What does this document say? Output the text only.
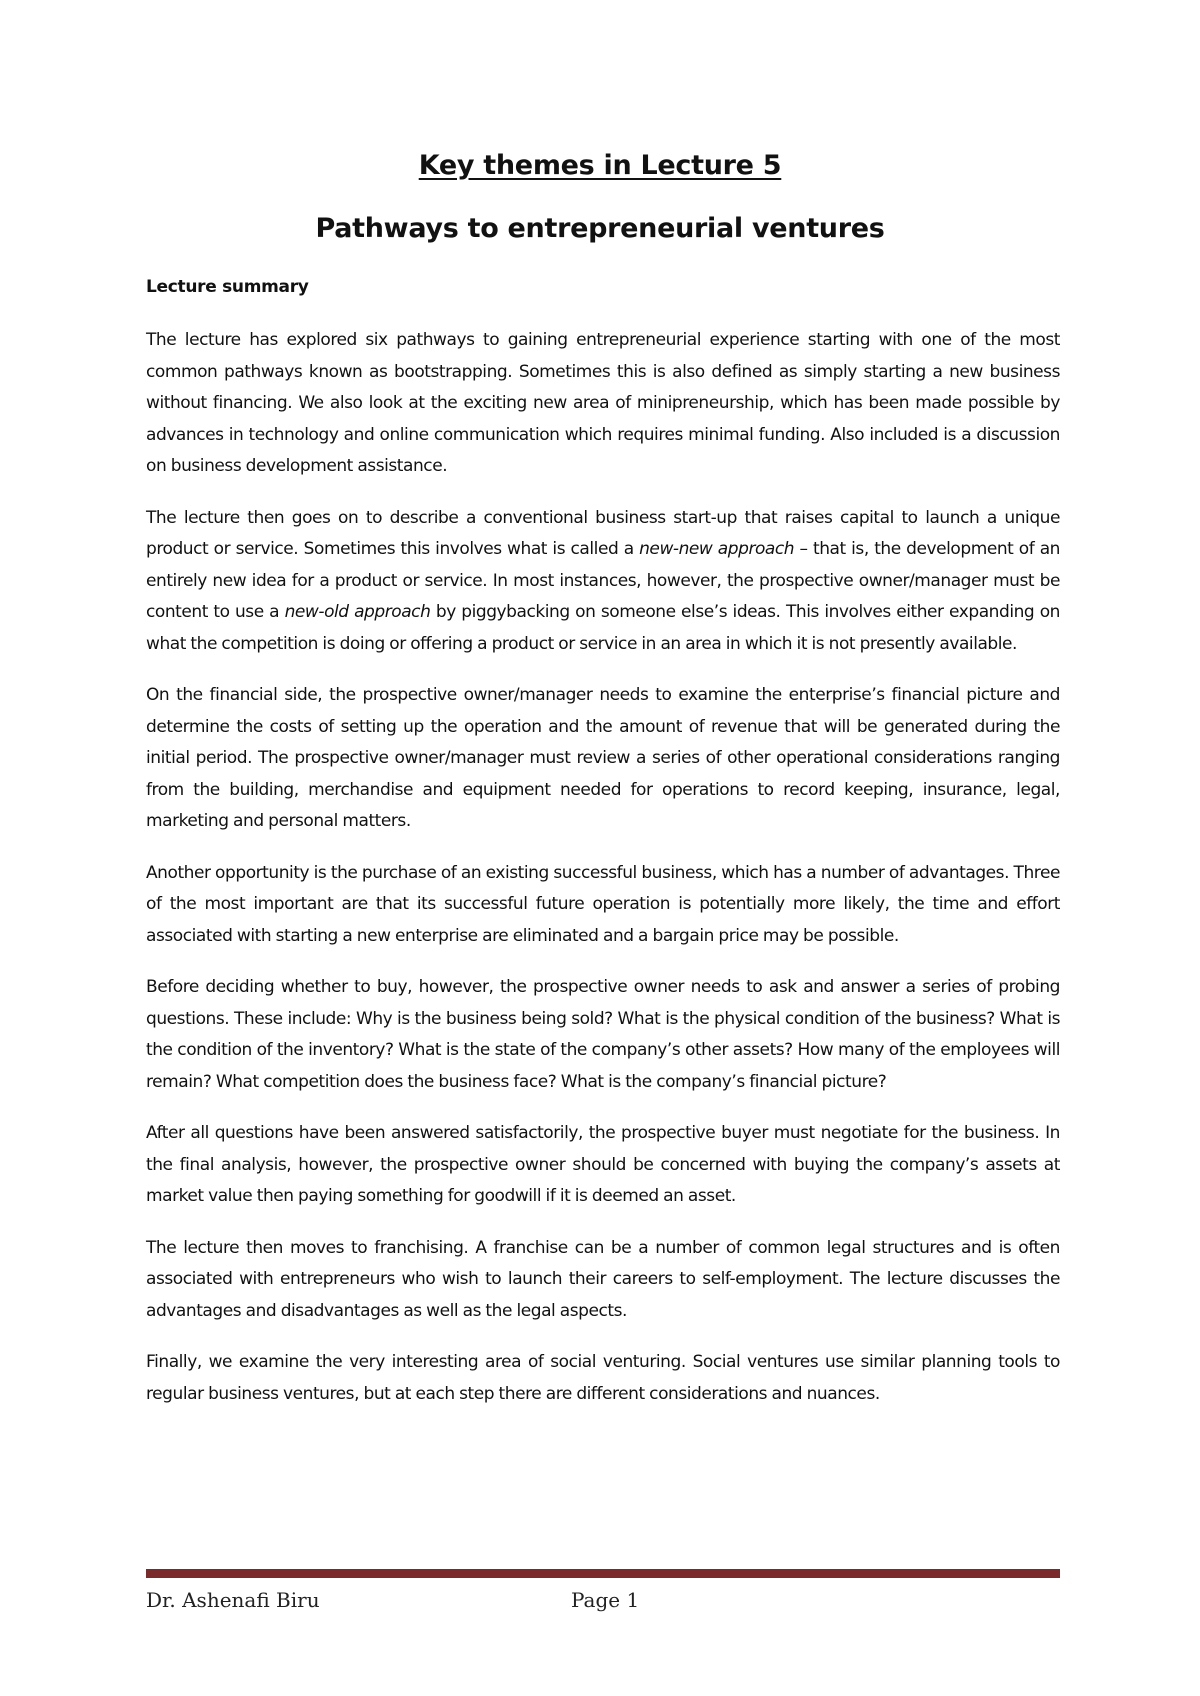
Key themes in Lecture 5
Pathways to entrepreneurial ventures
Lecture summary

The lecture has explored six pathways to gaining entrepreneurial experience starting with one of the most common pathways known as bootstrapping. Sometimes this is also defined as simply starting a new business without financing. We also look at the exciting new area of minipreneurship, which has been made possible by advances in technology and online communication which requires minimal funding. Also included is a discussion on business development assistance.

The lecture then goes on to describe a conventional business start-up that raises capital to launch a unique product or service. Sometimes this involves what is called a new-new approach – that is, the development of an entirely new idea for a product or service. In most instances, however, the prospective owner/manager must be content to use a new-old approach by piggybacking on someone else’s ideas. This involves either expanding on what the competition is doing or offering a product or service in an area in which it is not presently available.

On the financial side, the prospective owner/manager needs to examine the enterprise’s financial picture and determine the costs of setting up the operation and the amount of revenue that will be generated during the initial period. The prospective owner/manager must review a series of other operational considerations ranging from the building, merchandise and equipment needed for operations to record keeping, insurance, legal, marketing and personal matters.

Another opportunity is the purchase of an existing successful business, which has a number of advantages. Three of the most important are that its successful future operation is potentially more likely, the time and effort associated with starting a new enterprise are eliminated and a bargain price may be possible.

Before deciding whether to buy, however, the prospective owner needs to ask and answer a series of probing questions. These include: Why is the business being sold? What is the physical condition of the business? What is the condition of the inventory? What is the state of the company’s other assets? How many of the employees will remain? What competition does the business face? What is the company’s financial picture?

After all questions have been answered satisfactorily, the prospective buyer must negotiate for the business. In the final analysis, however, the prospective owner should be concerned with buying the company’s assets at market value then paying something for goodwill if it is deemed an asset.

The lecture then moves to franchising. A franchise can be a number of common legal structures and is often associated with entrepreneurs who wish to launch their careers to self-employment. The lecture discusses the advantages and disadvantages as well as the legal aspects.

Finally, we examine the very interesting area of social venturing. Social ventures use similar planning tools to regular business ventures, but at each step there are different considerations and nuances.

Dr. Ashenafi Biru	Page 1
